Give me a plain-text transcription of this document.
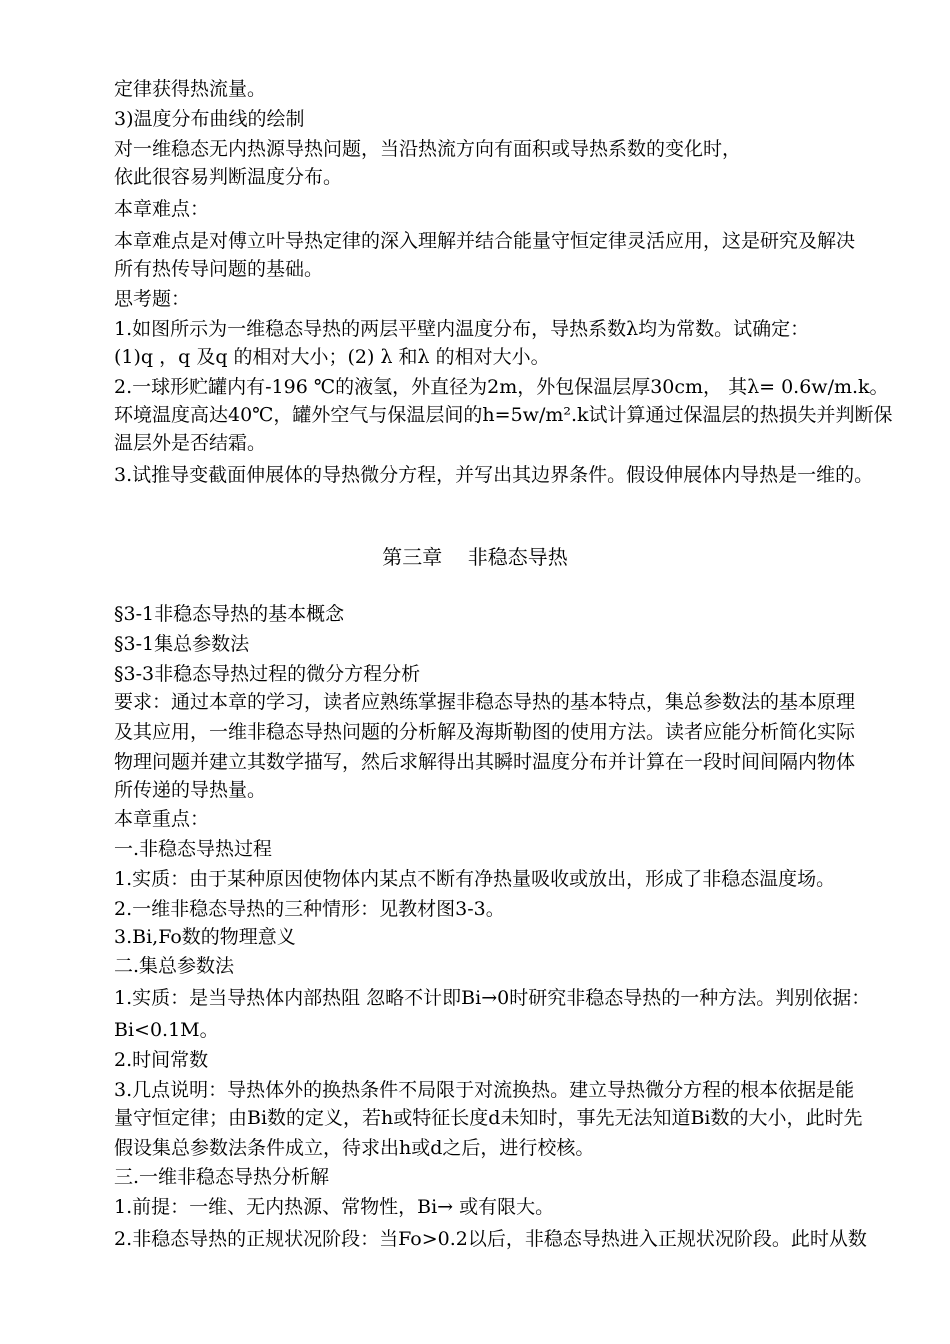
定律获得热流量。
3)温度分布曲线的绘制
对一维稳态无内热源导热问题，当沿热流方向有面积或导热系数的变化时，
依此很容易判断温度分布。
本章难点：
本章难点是对傅立叶导热定律的深入理解并结合能量守恒定律灵活应用，这是研究及解决
所有热传导问题的基础。
思考题：
1.如图所示为一维稳态导热的两层平壁内温度分布，导热系数λ均为常数。试确定：
(1)q ，q 及q 的相对大小；(2) λ 和λ 的相对大小。
2.一球形贮罐内有-196 ℃的液氢，外直径为2m，外包保温层厚30cm， 其λ= 0.6w/m.k。
环境温度高达40℃，罐外空气与保温层间的h=5w/m².k试计算通过保温层的热损失并判断保
温层外是否结霜。
3.试推导变截面伸展体的导热微分方程，并写出其边界条件。假设伸展体内导热是一维的。
第三章    非稳态导热
§3-1非稳态导热的基本概念
§3-1集总参数法
§3-3非稳态导热过程的微分方程分析
要求：通过本章的学习，读者应熟练掌握非稳态导热的基本特点，集总参数法的基本原理
及其应用，一维非稳态导热问题的分析解及海斯勒图的使用方法。读者应能分析简化实际
物理问题并建立其数学描写，然后求解得出其瞬时温度分布并计算在一段时间间隔内物体
所传递的导热量。
本章重点：
一.非稳态导热过程
1.实质：由于某种原因使物体内某点不断有净热量吸收或放出，形成了非稳态温度场。
2.一维非稳态导热的三种情形：见教材图3-3。
3.Bi,Fo数的物理意义
二.集总参数法
1.实质：是当导热体内部热阻 忽略不计即Bi→0时研究非稳态导热的一种方法。判别依据：
Bi<0.1M。
2.时间常数
3.几点说明：导热体外的换热条件不局限于对流换热。建立导热微分方程的根本依据是能
量守恒定律；由Bi数的定义，若h或特征长度d未知时，事先无法知道Bi数的大小，此时先
假设集总参数法条件成立，待求出h或d之后，进行校核。
三.一维非稳态导热分析解
1.前提：一维、无内热源、常物性，Bi→ 或有限大。
2.非稳态导热的正规状况阶段：当Fo>0.2以后，非稳态导热进入正规状况阶段。此时从数
